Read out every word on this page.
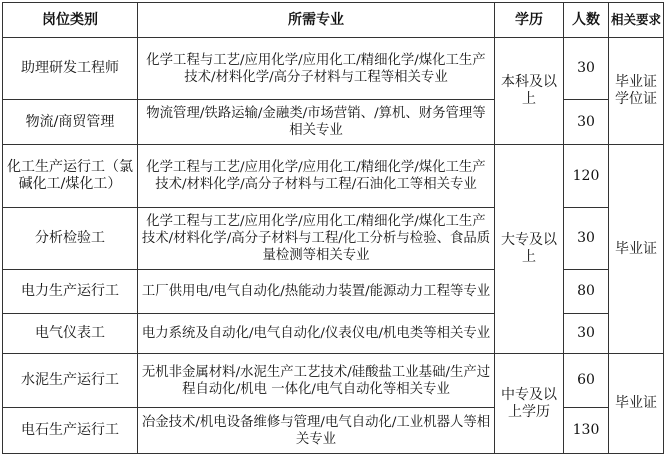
岗位类别	所需专业	学历	人数	相关要求
助理研发工程师	化学工程与工艺/应用化学/应用化工/精细化学/煤化工生产技术/材料化学/高分子材料与工程等相关专业	本科及以上	30	毕业证学位证
物流/商贸管理	物流管理/铁路运输/金融类/市场营销、/算机、财务管理等相关专业		30	
化工生产运行工（氯碱化工/煤化工）	化学工程与工艺/应用化学/应用化工/精细化学/煤化工生产技术/材料化学/高分子材料与工程/石油化工等相关专业	大专及以上	120	毕业证
分析检验工	化学工程与工艺/应用化学/应用化工/精细化学/煤化工生产技术/材料化学/高分子材料与工程/化工分析与检验、食品质量检测等相关专业		30	
电力生产运行工	工厂供用电/电气自动化/热能动力装置/能源动力工程等专业		80	
电气仪表工	电力系统及自动化/电气自动化/仪表仪电/机电类等相关专业		30	
水泥生产运行工	无机非金属材料/水泥生产工艺技术/硅酸盐工业基础/生产过程自动化/机电 一体化/电气自动化等相关专业	中专及以上学历	60	毕业证
电石生产运行工	冶金技术/机电设备维修与管理/电气自动化/工业机器人等相关专业		130	
